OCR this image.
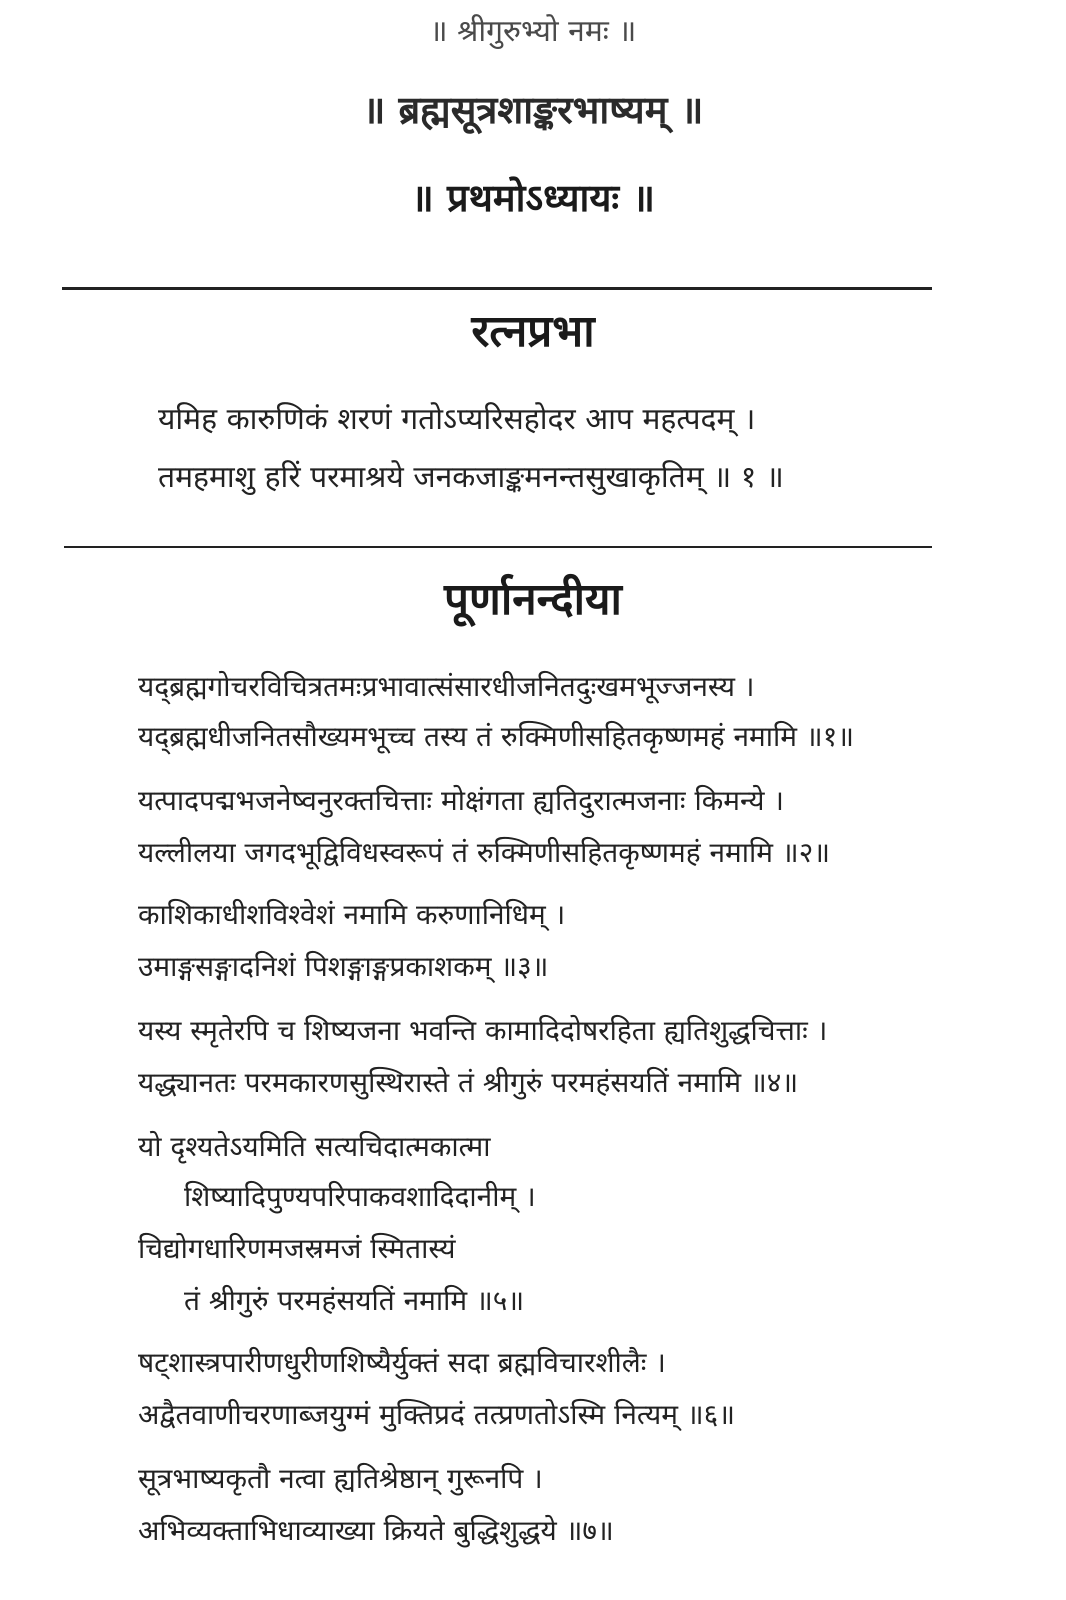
॥ श्रीगुरुभ्यो नमः ॥
॥ ब्रह्मसूत्रशाङ्करभाष्यम् ॥
॥ प्रथमोऽध्यायः ॥
रत्नप्रभा
यमिह कारुणिकं शरणं गतोऽप्यरिसहोदर आप महत्पदम् ।
तमहमाशु हरिं परमाश्रये जनकजाङ्कमनन्तसुखाकृतिम् ॥ १ ॥
पूर्णानन्दीया
यद्ब्रह्मगोचरविचित्रतमःप्रभावात्संसारधीजनितदुःखमभूज्जनस्य ।
यद्ब्रह्मधीजनितसौख्यमभूच्च तस्य तं रुक्मिणीसहितकृष्णमहं नमामि ॥१॥
यत्पादपद्मभजनेष्वनुरक्तचित्ताः मोक्षंगता ह्यतिदुरात्मजनाः किमन्ये ।
यल्लीलया जगदभूद्विविधस्वरूपं तं रुक्मिणीसहितकृष्णमहं नमामि ॥२॥
काशिकाधीशविश्वेशं नमामि करुणानिधिम् ।
उमाङ्गसङ्गादनिशं पिशङ्गाङ्गप्रकाशकम् ॥३॥
यस्य स्मृतेरपि च शिष्यजना भवन्ति कामादिदोषरहिता ह्यतिशुद्धचित्ताः ।
यद्ध्यानतः परमकारणसुस्थिरास्ते तं श्रीगुरुं परमहंसयतिं नमामि ॥४॥
यो दृश्यतेऽयमिति सत्यचिदात्मकात्मा
शिष्यादिपुण्यपरिपाकवशादिदानीम् ।
चिद्योगधारिणमजस्रमजं स्मितास्यं
तं श्रीगुरुं परमहंसयतिं नमामि ॥५॥
षट्शास्त्रपारीणधुरीणशिष्यैर्युक्तं सदा ब्रह्मविचारशीलैः ।
अद्वैतवाणीचरणाब्जयुग्मं मुक्तिप्रदं तत्प्रणतोऽस्मि नित्यम् ॥६॥
सूत्रभाष्यकृतौ नत्वा ह्यतिश्रेष्ठान् गुरूनपि ।
अभिव्यक्ताभिधाव्याख्या क्रियते बुद्धिशुद्धये ॥७॥
